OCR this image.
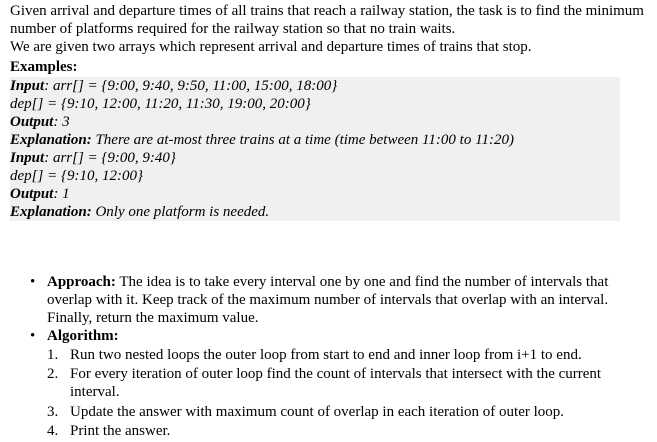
Given arrival and departure times of all trains that reach a railway station, the task is to find the minimum number of platforms required for the railway station so that no train waits.

We are given two arrays which represent arrival and departure times of trains that stop.

Examples:
Input: arr[] = {9:00, 9:40, 9:50, 11:00, 15:00, 18:00}
dep[] = {9:10, 12:00, 11:20, 11:30, 19:00, 20:00}
Output: 3
Explanation: There are at-most three trains at a time (time between 11:00 to 11:20)
Input: arr[] = {9:00, 9:40}
dep[] = {9:10, 12:00}
Output: 1
Explanation: Only one platform is needed.
• Approach: The idea is to take every interval one by one and find the number of intervals that overlap with it. Keep track of the maximum number of intervals that overlap with an interval. Finally, return the maximum value.
• Algorithm:
1. Run two nested loops the outer loop from start to end and inner loop from i+1 to end.
2. For every iteration of outer loop find the count of intervals that intersect with the current interval.
3. Update the answer with maximum count of overlap in each iteration of outer loop.
4. Print the answer.
